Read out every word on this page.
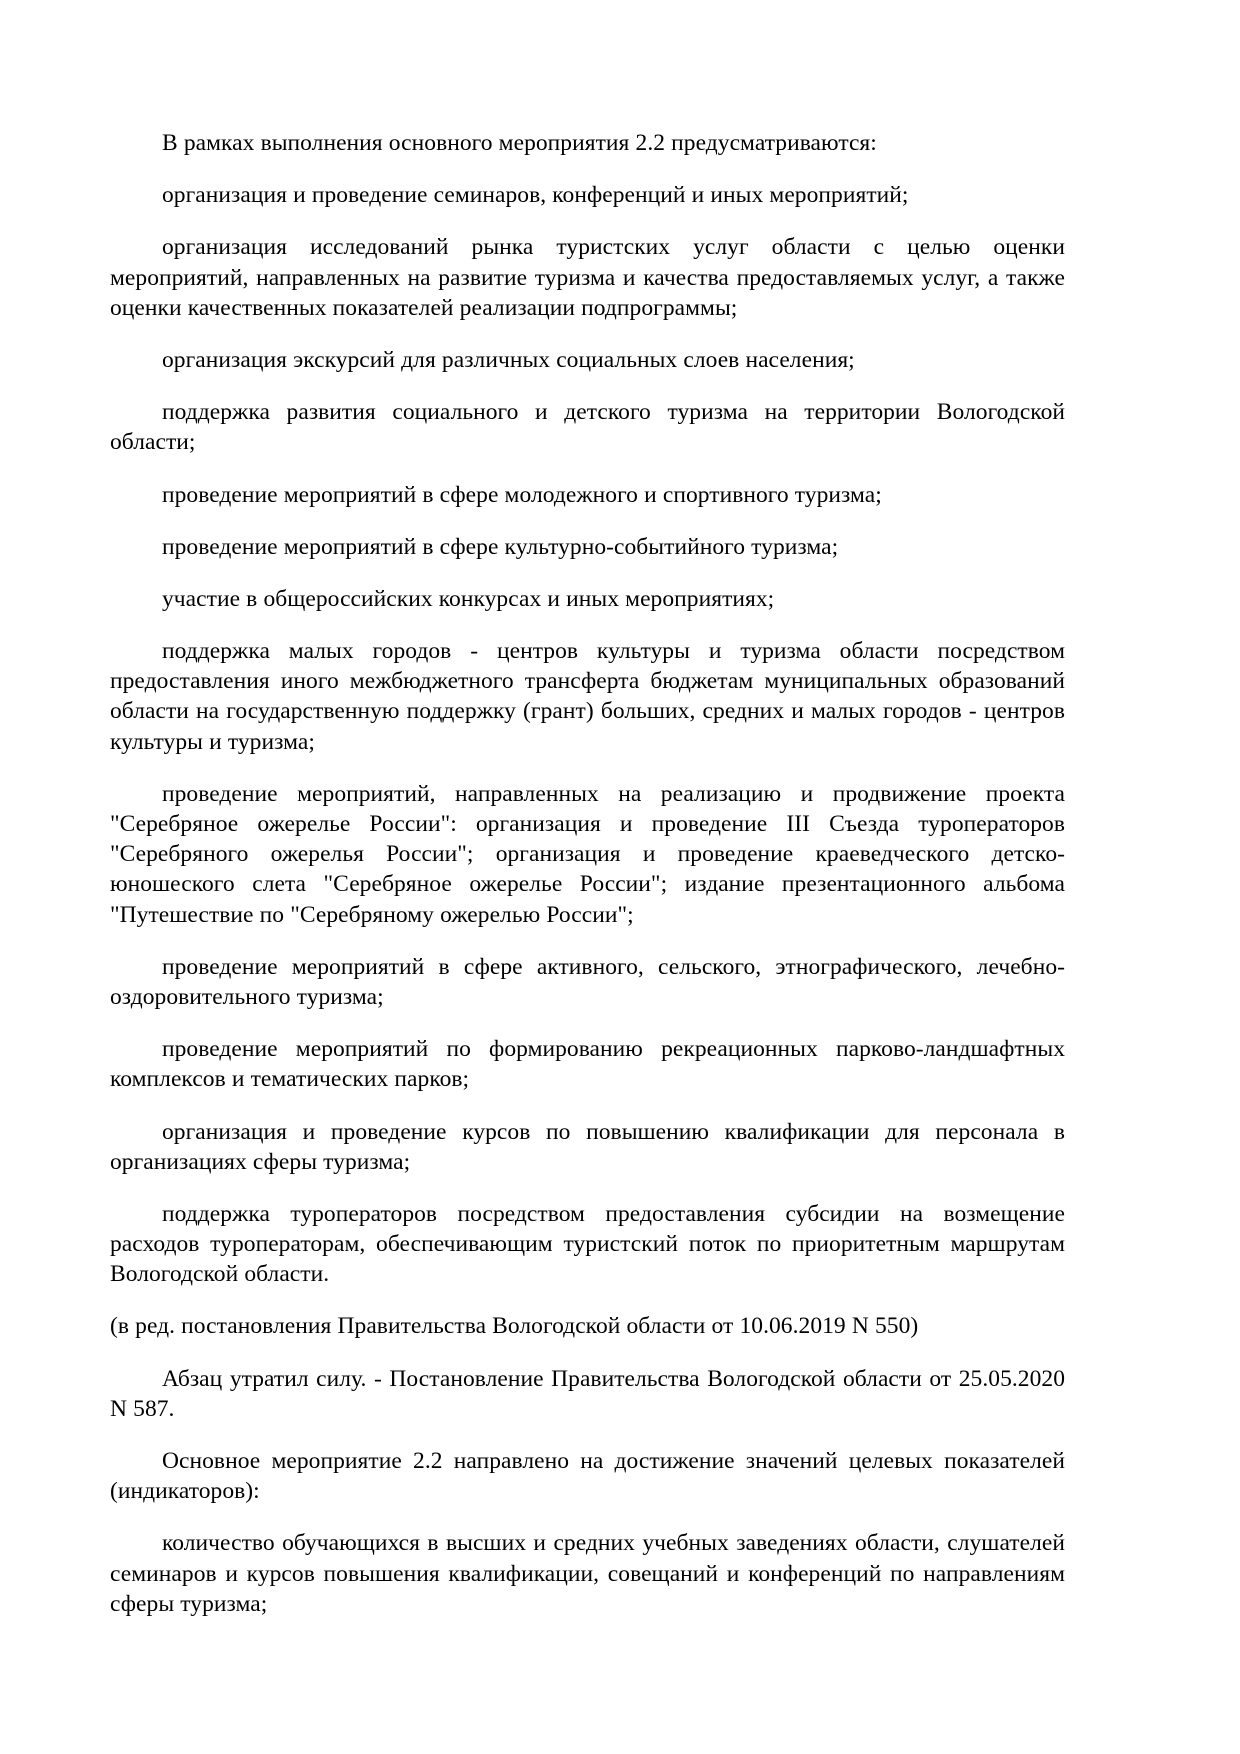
В рамках выполнения основного мероприятия 2.2 предусматриваются:

организация и проведение семинаров, конференций и иных мероприятий;

организация исследований рынка туристских услуг области с целью оценки мероприятий, направленных на развитие туризма и качества предоставляемых услуг, а также оценки качественных показателей реализации подпрограммы;

организация экскурсий для различных социальных слоев населения;

поддержка развития социального и детского туризма на территории Вологодской области;

проведение мероприятий в сфере молодежного и спортивного туризма;

проведение мероприятий в сфере культурно-событийного туризма;

участие в общероссийских конкурсах и иных мероприятиях;

поддержка малых городов - центров культуры и туризма области посредством предоставления иного межбюджетного трансферта бюджетам муниципальных образований области на государственную поддержку (грант) больших, средних и малых городов - центров культуры и туризма;

проведение мероприятий, направленных на реализацию и продвижение проекта "Серебряное ожерелье России": организация и проведение III Съезда туроператоров "Серебряного ожерелья России"; организация и проведение краеведческого детско-юношеского слета "Серебряное ожерелье России"; издание презентационного альбома "Путешествие по "Серебряному ожерелью России";

проведение мероприятий в сфере активного, сельского, этнографического, лечебно-оздоровительного туризма;

проведение мероприятий по формированию рекреационных парково-ландшафтных комплексов и тематических парков;

организация и проведение курсов по повышению квалификации для персонала в организациях сферы туризма;

поддержка туроператоров посредством предоставления субсидии на возмещение расходов туроператорам, обеспечивающим туристский поток по приоритетным маршрутам Вологодской области.

(в ред. постановления Правительства Вологодской области от 10.06.2019 N 550)

Абзац утратил силу. - Постановление Правительства Вологодской области от 25.05.2020 N 587.

Основное мероприятие 2.2 направлено на достижение значений целевых показателей (индикаторов):

количество обучающихся в высших и средних учебных заведениях области, слушателей семинаров и курсов повышения квалификации, совещаний и конференций по направлениям сферы туризма;
